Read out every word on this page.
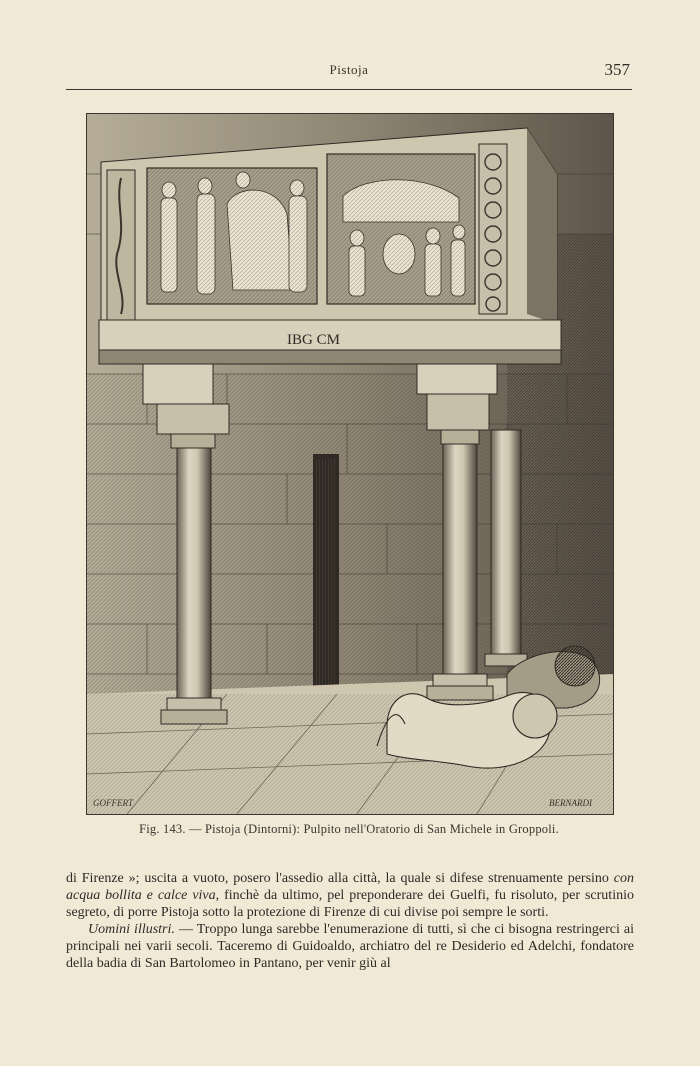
Pistoja	357
IBG CM
GOFFERT	BERNARDI
Fig. 143. — Pistoja (Dintorni): Pulpito nell'Oratorio di San Michele in Groppoli.

di Firenze »; uscita a vuoto, posero l'assedio alla città, la quale si difese strenuamente persino con acqua bollita e calce viva, finchè da ultimo, pel preponderare dei Guelfi, fu risoluto, per scrutinio segreto, di porre Pistoja sotto la protezione di Firenze di cui divise poi sempre le sorti.

Uomini illustri. — Troppo lunga sarebbe l'enumerazione di tutti, sì che ci bisogna restringerci ai principali nei varii secoli. Taceremo di Guidoaldo, archiatro del re Desiderio ed Adelchi, fondatore della badia di San Bartolomeo in Pantano, per venir giù al
